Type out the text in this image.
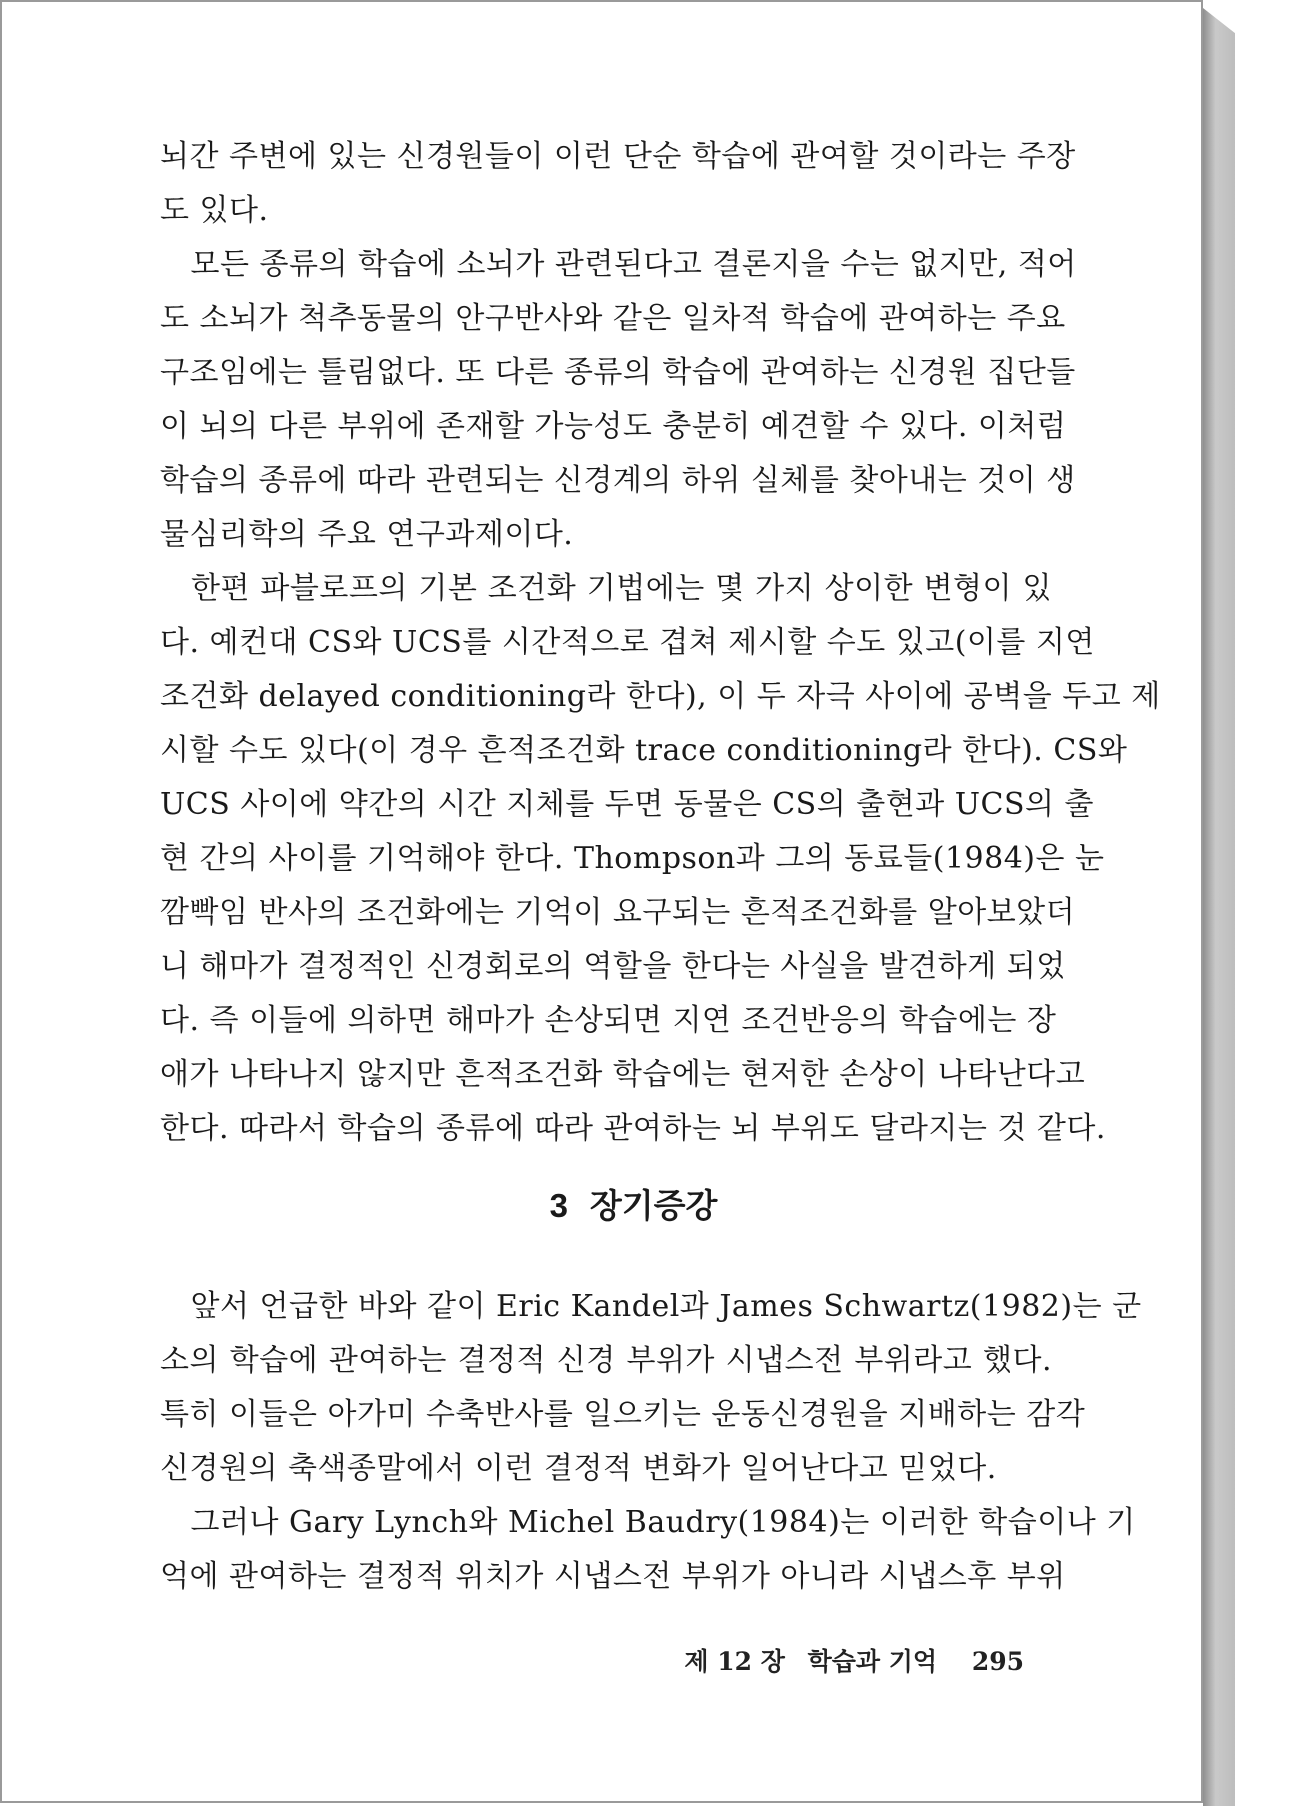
뇌간 주변에 있는 신경원들이 이런 단순 학습에 관여할 것이라는 주장
도 있다.

　모든 종류의 학습에 소뇌가 관련된다고 결론지을 수는 없지만, 적어
도 소뇌가 척추동물의 안구반사와 같은 일차적 학습에 관여하는 주요
구조임에는 틀림없다. 또 다른 종류의 학습에 관여하는 신경원 집단들
이 뇌의 다른 부위에 존재할 가능성도 충분히 예견할 수 있다. 이처럼
학습의 종류에 따라 관련되는 신경계의 하위 실체를 찾아내는 것이 생
물심리학의 주요 연구과제이다.

　한편 파블로프의 기본 조건화 기법에는 몇 가지 상이한 변형이 있
다. 예컨대 CS와 UCS를 시간적으로 겹쳐 제시할 수도 있고(이를 지연
조건화 delayed conditioning라 한다), 이 두 자극 사이에 공벽을 두고 제
시할 수도 있다(이 경우 흔적조건화 trace conditioning라 한다). CS와
UCS 사이에 약간의 시간 지체를 두면 동물은 CS의 출현과 UCS의 출
현 간의 사이를 기억해야 한다. Thompson과 그의 동료들(1984)은 눈
깜빡임 반사의 조건화에는 기억이 요구되는 흔적조건화를 알아보았더
니 해마가 결정적인 신경회로의 역할을 한다는 사실을 발견하게 되었
다. 즉 이들에 의하면 해마가 손상되면 지연 조건반응의 학습에는 장
애가 나타나지 않지만 흔적조건화 학습에는 현저한 손상이 나타난다고
한다. 따라서 학습의 종류에 따라 관여하는 뇌 부위도 달라지는 것 같다.

3 장기증강

　앞서 언급한 바와 같이 Eric Kandel과 James Schwartz(1982)는 군
소의 학습에 관여하는 결정적 신경 부위가 시냅스전 부위라고 했다.
특히 이들은 아가미 수축반사를 일으키는 운동신경원을 지배하는 감각
신경원의 축색종말에서 이런 결정적 변화가 일어난다고 믿었다.

　그러나 Gary Lynch와 Michel Baudry(1984)는 이러한 학습이나 기
억에 관여하는 결정적 위치가 시냅스전 부위가 아니라 시냅스후 부위

제 12 장 학습과 기억 295
